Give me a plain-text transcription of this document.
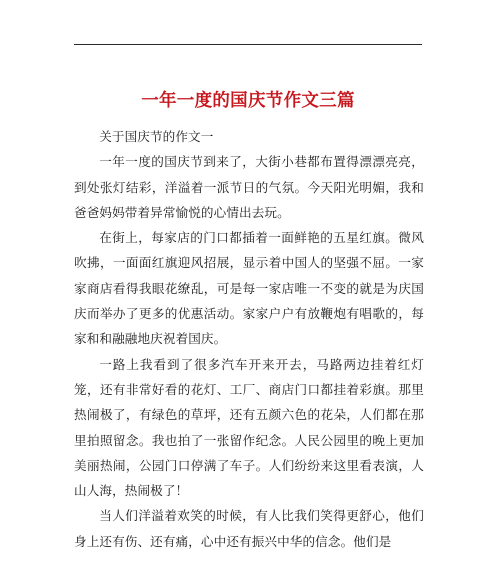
一年一度的国庆节作文三篇

关于国庆节的作文一

一年一度的国庆节到来了，大街小巷都布置得漂漂亮亮，到处张灯结彩，洋溢着一派节日的气氛。今天阳光明媚，我和爸爸妈妈带着异常愉悦的心情出去玩。

在街上，每家店的门口都插着一面鲜艳的五星红旗。微风吹拂，一面面红旗迎风招展，显示着中国人的坚强不屈。一家家商店看得我眼花缭乱，可是每一家店唯一不变的就是为庆国庆而举办了更多的优惠活动。家家户户有放鞭炮有唱歌的，每家和和融融地庆祝着国庆。

一路上我看到了很多汽车开来开去，马路两边挂着红灯笼，还有非常好看的花灯、工厂、商店门口都挂着彩旗。那里热闹极了，有绿色的草坪，还有五颜六色的花朵，人们都在那里拍照留念。我也拍了一张留作纪念。人民公园里的晚上更加美丽热闹，公园门口停满了车子。人们纷纷来这里看表演，人山人海，热闹极了！

当人们洋溢着欢笑的时候，有人比我们笑得更舒心，他们身上还有伤、还有痛，心中还有振兴中华的信念。他们是
